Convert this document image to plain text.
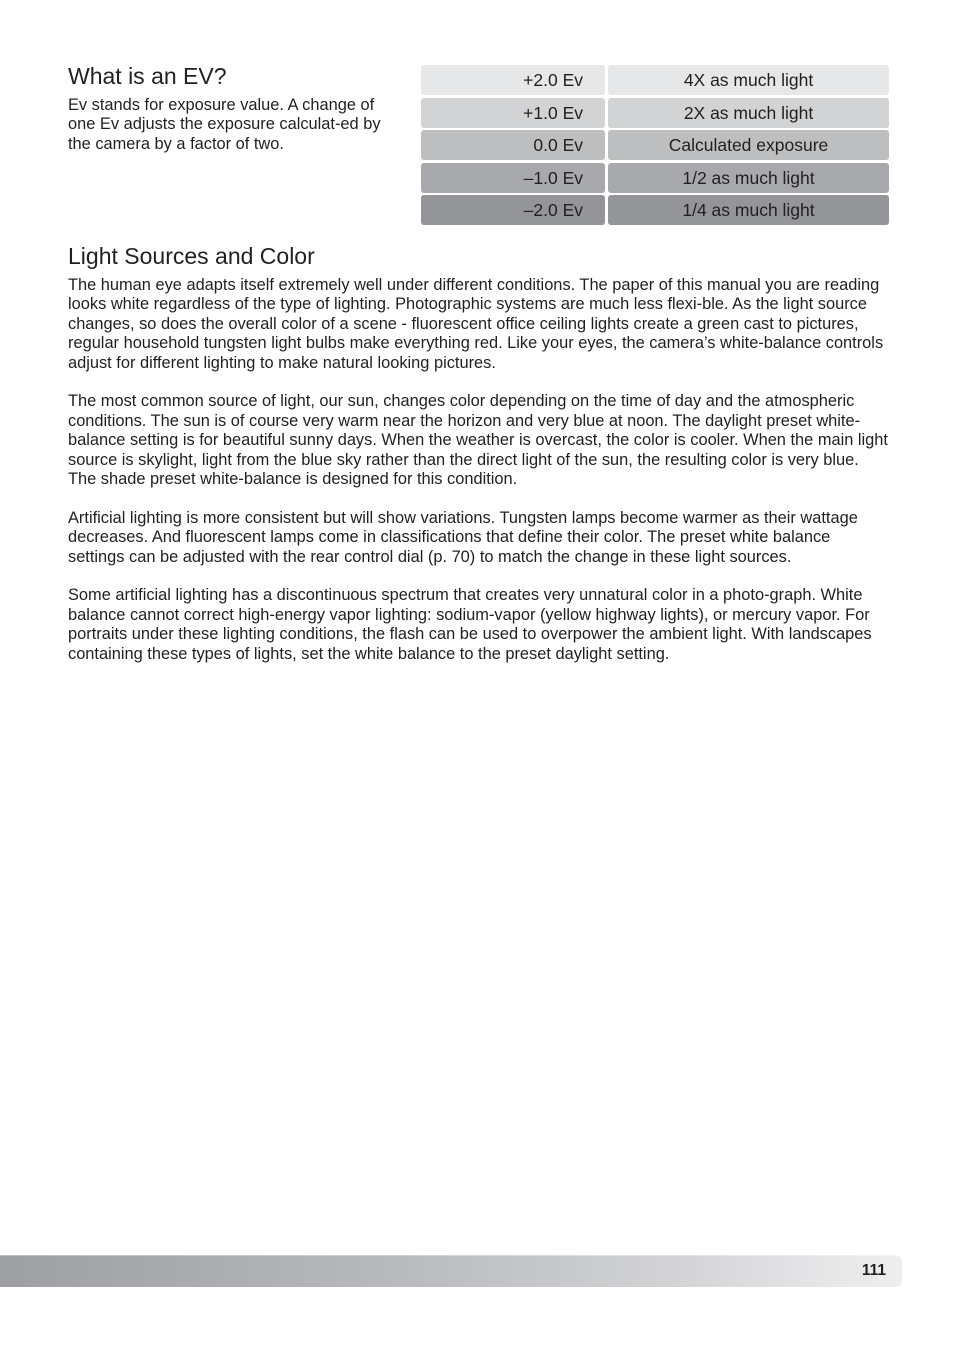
What is an EV?

Ev stands for exposure value. A change of one Ev adjusts the exposure calculat-ed by the camera by a factor of two.

+2.0 Ev	4X as much light
+1.0 Ev	2X as much light
0.0 Ev	Calculated exposure
–1.0 Ev	1/2 as much light
–2.0 Ev	1/4 as much light
Light Sources and Color

The human eye adapts itself extremely well under different conditions. The paper of this manual you are reading looks white regardless of the type of lighting. Photographic systems are much less flexi-ble. As the light source changes, so does the overall color of a scene - fluorescent office ceiling lights create a green cast to pictures, regular household tungsten light bulbs make everything red. Like your eyes, the camera’s white-balance controls adjust for different lighting to make natural looking pictures.

The most common source of light, our sun, changes color depending on the time of day and the atmospheric conditions. The sun is of course very warm near the horizon and very blue at noon. The daylight preset white-balance setting is for beautiful sunny days. When the weather is overcast, the color is cooler. When the main light source is skylight, light from the blue sky rather than the direct light of the sun, the resulting color is very blue. The shade preset white-balance is designed for this condition.

Artificial lighting is more consistent but will show variations. Tungsten lamps become warmer as their wattage decreases. And fluorescent lamps come in classifications that define their color. The preset white balance settings can be adjusted with the rear control dial (p. 70) to match the change in these light sources.

Some artificial lighting has a discontinuous spectrum that creates very unnatural color in a photo-graph. White balance cannot correct high-energy vapor lighting: sodium-vapor (yellow highway lights), or mercury vapor. For portraits under these lighting conditions, the flash can be used to overpower the ambient light. With landscapes containing these types of lights, set the white balance to the preset daylight setting.

111
